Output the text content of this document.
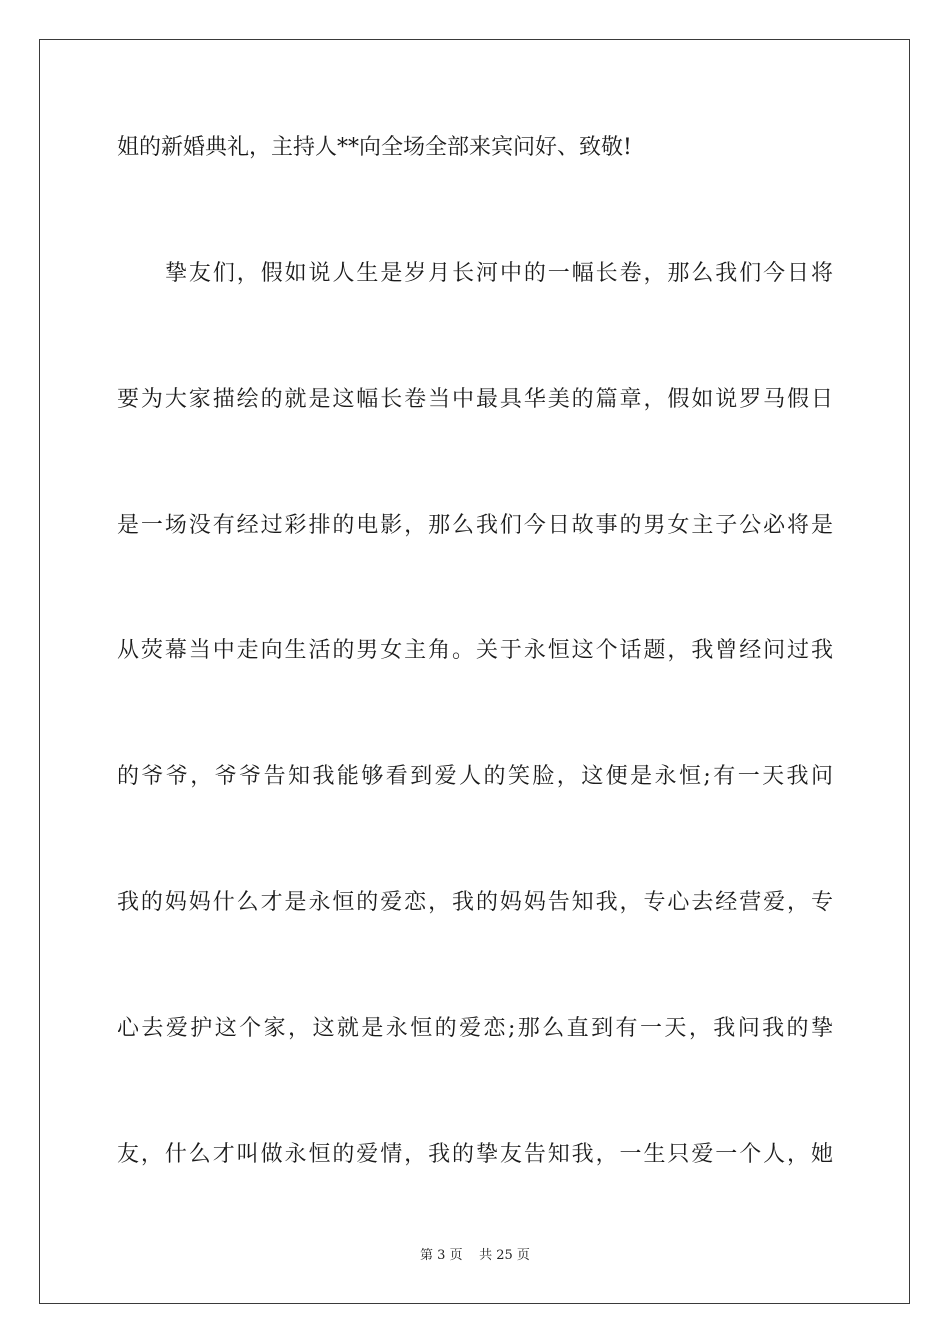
姐的新婚典礼，主持人**向全场全部来宾问好、致敬!
挚友们，假如说人生是岁月长河中的一幅长卷，那么我们今日将
要为大家描绘的就是这幅长卷当中最具华美的篇章，假如说罗马假日
是一场没有经过彩排的电影，那么我们今日故事的男女主子公必将是
从荧幕当中走向生活的男女主角。关于永恒这个话题，我曾经问过我
的爷爷，爷爷告知我能够看到爱人的笑脸，这便是永恒;有一天我问
我的妈妈什么才是永恒的爱恋，我的妈妈告知我，专心去经营爱，专
心去爱护这个家，这就是永恒的爱恋;那么直到有一天，我问我的挚
友，什么才叫做永恒的爱情，我的挚友告知我，一生只爱一个人，她
第 3 页 共 25 页
